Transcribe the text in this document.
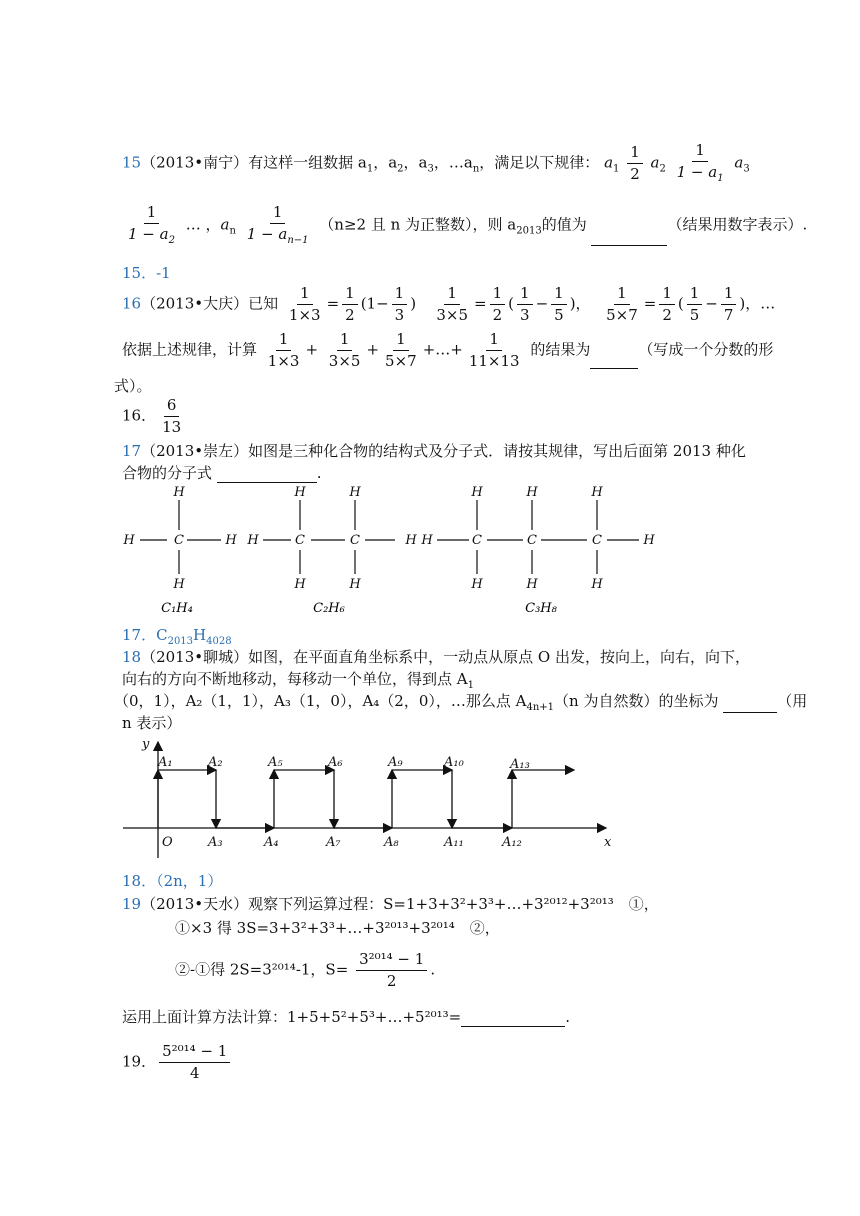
15（2013•南宁）有这样一组数据 $a_1$，$a_2$，$a_3$，$\dots a_n$，满足以下规律： $a_1 \frac{1}{2} a_2 \frac{1}{1 - a_1} a_3$
$\frac{1}{1 - a_2}$ … ，$a_n \frac{1}{1 - a_{n-1}} (n\ge 2$ 且 n 为正整数），则 $a_{2013}$的值为	（结果用数字表示）.
15．-1
16（2013•大庆）已知 $\frac{1}{1\times 3} = \frac{1}{2} (1- \frac{1}{3}$ ) $\frac{1}{3\times 5} = \frac{1}{2}$ ( $\frac{1}{3} - \frac{1}{5}$ )， $\frac{1}{5\times 7} = \frac{1}{2}$ ( $\frac{1}{5} - \frac{1}{7}$ )，…
依据上述规律，计算 $\frac{1}{1\times 3} + \frac{1}{3\times 5} + \frac{1}{5\times 7}$ +…+ $\frac{1}{11\times 13}$ 的结果为	（写成一个分数的形
式）。
16． $\frac{6}{13}$
17（2013•崇左）如图是三种化合物的结构式及分子式．请按其规律，写出后面第 2013 种化
合物的分子式	.
H	C
H
H
H H	C	C
H
H
H
H
H H	C	C	C	H
H
H
H
H
H
H
C₁H₄	C₂H₆	C₃H₈
17．$C_{2013}H_{4028}$
18（2013•聊城）如图，在平面直角坐标系中，一动点从原点 O 出发，按向上，向右，向下，
向右的方向不断地移动，每移动一个单位，得到点 $A_1$
（0，1），A₂（1，1），A₃（1，0），A₄（2，0），…那么点 $A_{4n+1}(n$ 为自然数）的坐标为	（用
n 表示）
y
x
O
A₁	A₂	A₅	A₆	A₉	A₁₀	A₁₃
A₃	A₄	A₇	A₈	A₁₁	A₁₂
18．（2n，1）
19（2013•天水）观察下列运算过程：S=1+3+3²+3³+…+3²⁰¹²+3²⁰¹³　①，
①×3 得 3S=3+3²+3³+…+3²⁰¹³+3²⁰¹⁴　②，
②-①得 2S=3²⁰¹⁴-1，$S= \frac{\text{3²⁰¹⁴ − 1}}{2}$ .
运用上面计算方法计算：1+5+5²+5³+…+5²⁰¹³=	.
19． $\frac{\text{5²⁰¹⁴ − 1}}{4}$
